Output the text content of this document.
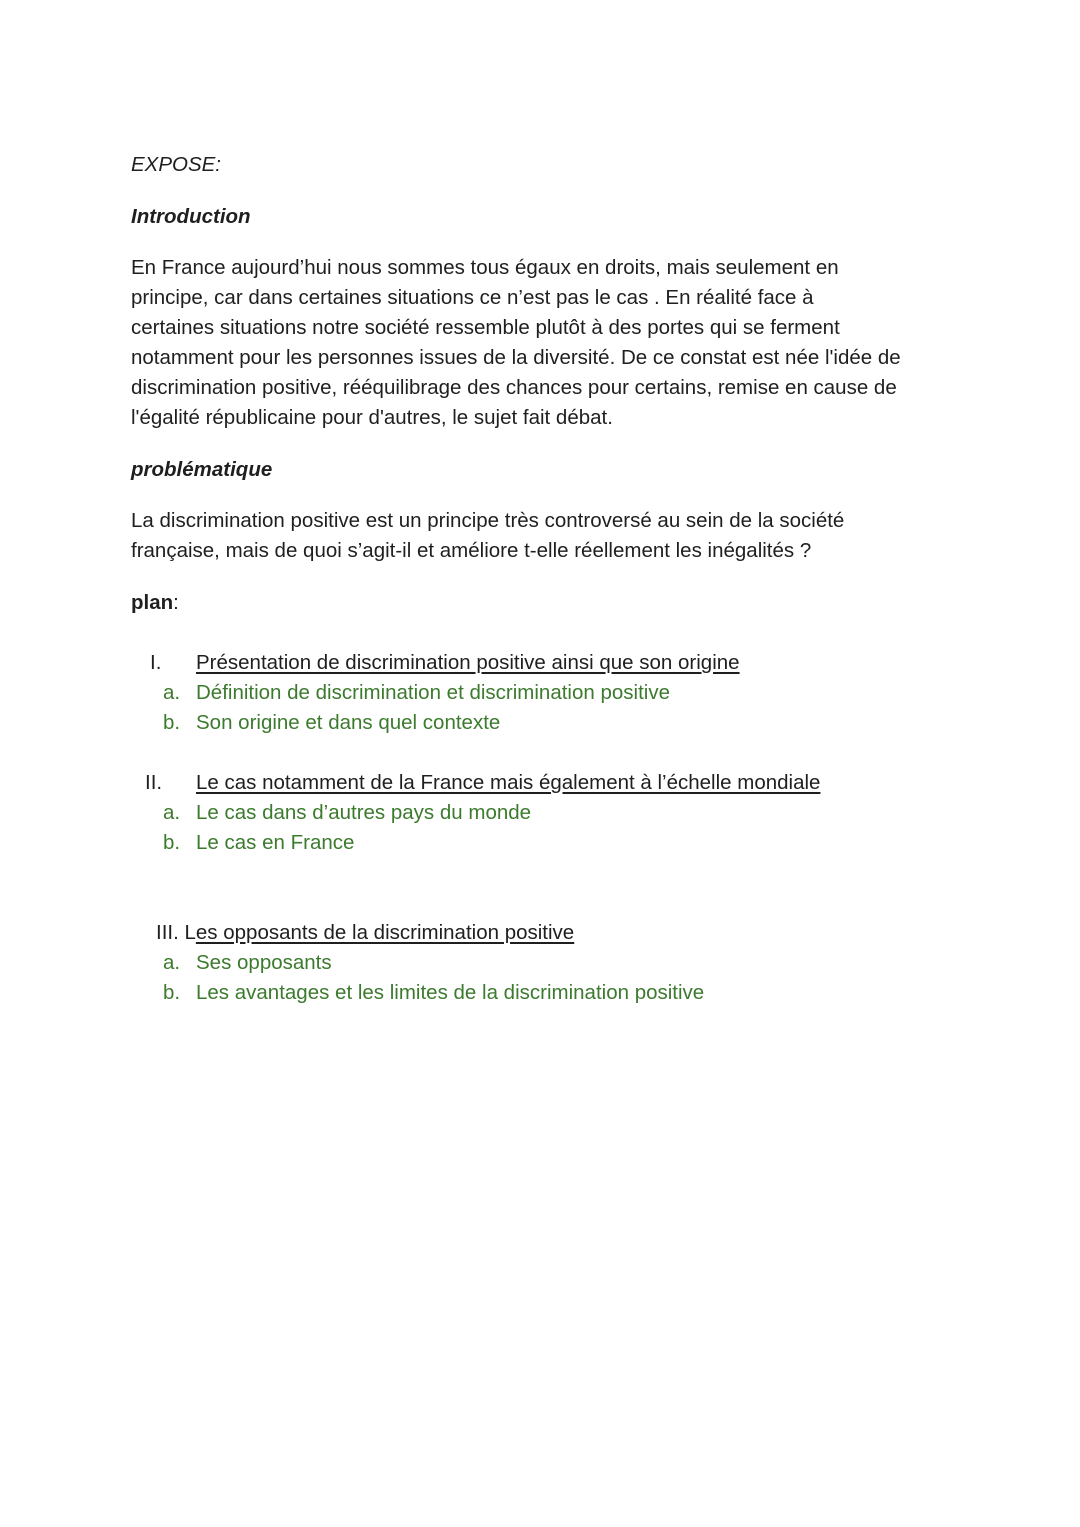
EXPOSE:
Introduction
En France aujourd’hui nous sommes tous égaux en droits, mais seulement en
principe, car dans certaines situations ce n’est pas le cas . En réalité face à
certaines situations notre société ressemble plutôt à des portes qui se ferment
notamment pour les personnes issues de la diversité. De ce constat est née l'idée de
discrimination positive, rééquilibrage des chances pour certains, remise en cause de
l'égalité républicaine pour d'autres, le sujet fait débat.
problématique
La discrimination positive est un principe très controversé au sein de la société
française, mais de quoi s’agit-il et améliore t-elle réellement les inégalités ?
plan:
I. Présentation de discrimination positive ainsi que son origine
a. Définition de discrimination et discrimination positive
b. Son origine et dans quel contexte
II. Le cas notamment de la France mais également à l’échelle mondiale
a. Le cas dans d’autres pays du monde
b. Le cas en France
III. Les opposants de la discrimination positive
a. Ses opposants
b. Les avantages et les limites de la discrimination positive
